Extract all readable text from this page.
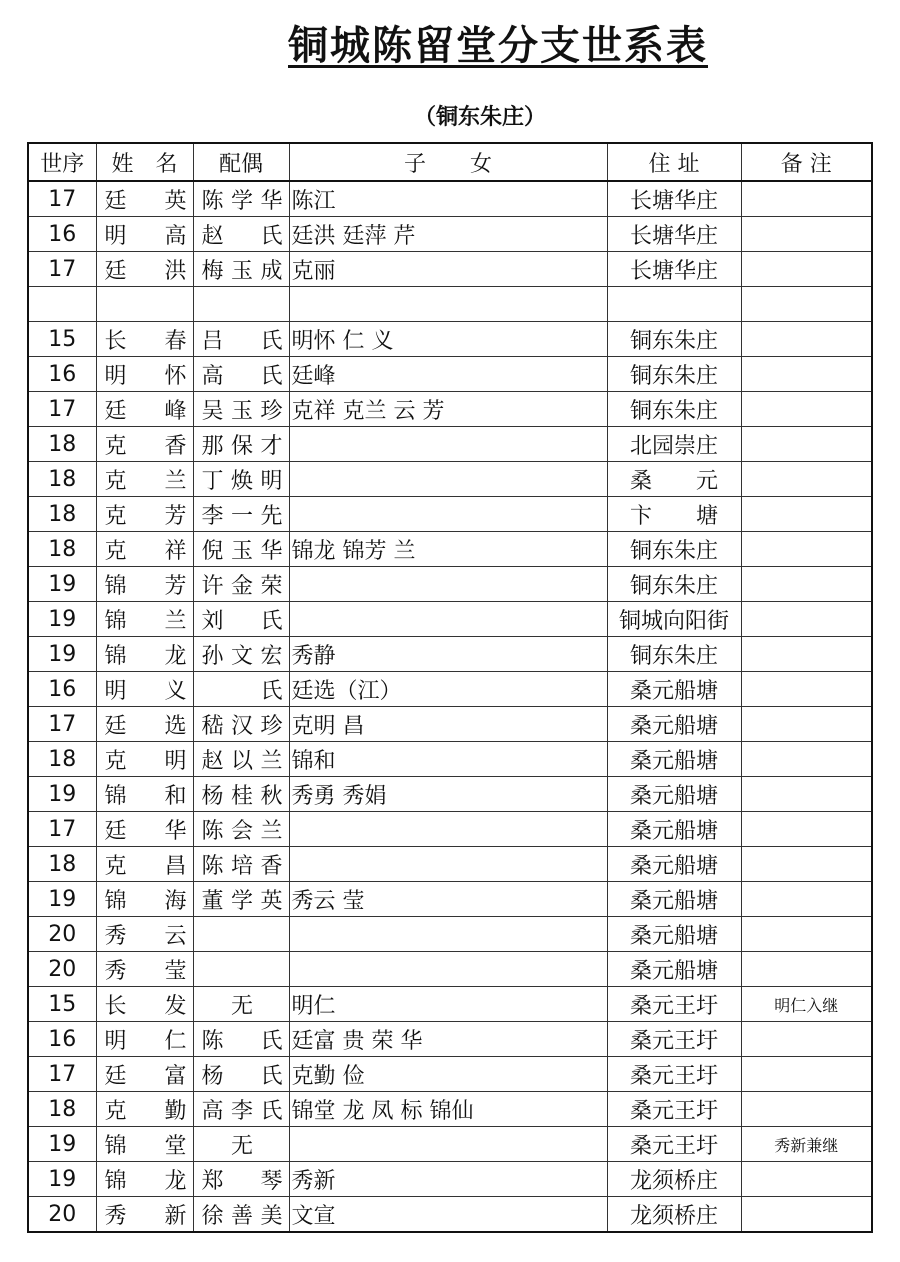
铜城陈留堂分支世系表
（铜东朱庄）
世序	姓　名	配偶	子　　女	住 址	备 注
17	廷　英	陈学华	陈江	长塘华庄	
16	明　高	赵　氏	廷洪 廷萍 芹	长塘华庄	
17	廷　洪	梅玉成	克丽	长塘华庄	

15	长　春	吕　氏	明怀 仁 义	铜东朱庄	
16	明　怀	高　氏	廷峰	铜东朱庄	
17	廷　峰	吴玉珍	克祥 克兰 云 芳	铜东朱庄	
18	克　香	那保才		北园崇庄	
18	克　兰	丁焕明		桑　　元	
18	克　芳	李一先		卞　　塘	
18	克　祥	倪玉华	锦龙 锦芳 兰	铜东朱庄	
19	锦　芳	许金荣		铜东朱庄	
19	锦　兰	刘　氏		铜城向阳街	
19	锦　龙	孙文宏	秀静	铜东朱庄	
16	明　义	氏	廷选（江）	桑元船塘	
17	廷　选	嵇汉珍	克明 昌	桑元船塘	
18	克　明	赵以兰	锦和	桑元船塘	
19	锦　和	杨桂秋	秀勇 秀娟	桑元船塘	
17	廷　华	陈会兰		桑元船塘	
18	克　昌	陈培香		桑元船塘	
19	锦　海	董学英	秀云 莹	桑元船塘	
20	秀　云			桑元船塘	
20	秀　莹			桑元船塘	
15	长　发	无	明仁	桑元王圩	明仁入继
16	明　仁	陈　氏	廷富 贵 荣 华	桑元王圩	
17	廷　富	杨　氏	克勤 俭	桑元王圩	
18	克　勤	高李氏	锦堂 龙 凤 标 锦仙	桑元王圩	
19	锦　堂	无		桑元王圩	秀新兼继
19	锦　龙	郑　琴	秀新	龙须桥庄	
20	秀　新	徐善美	文宣	龙须桥庄	
